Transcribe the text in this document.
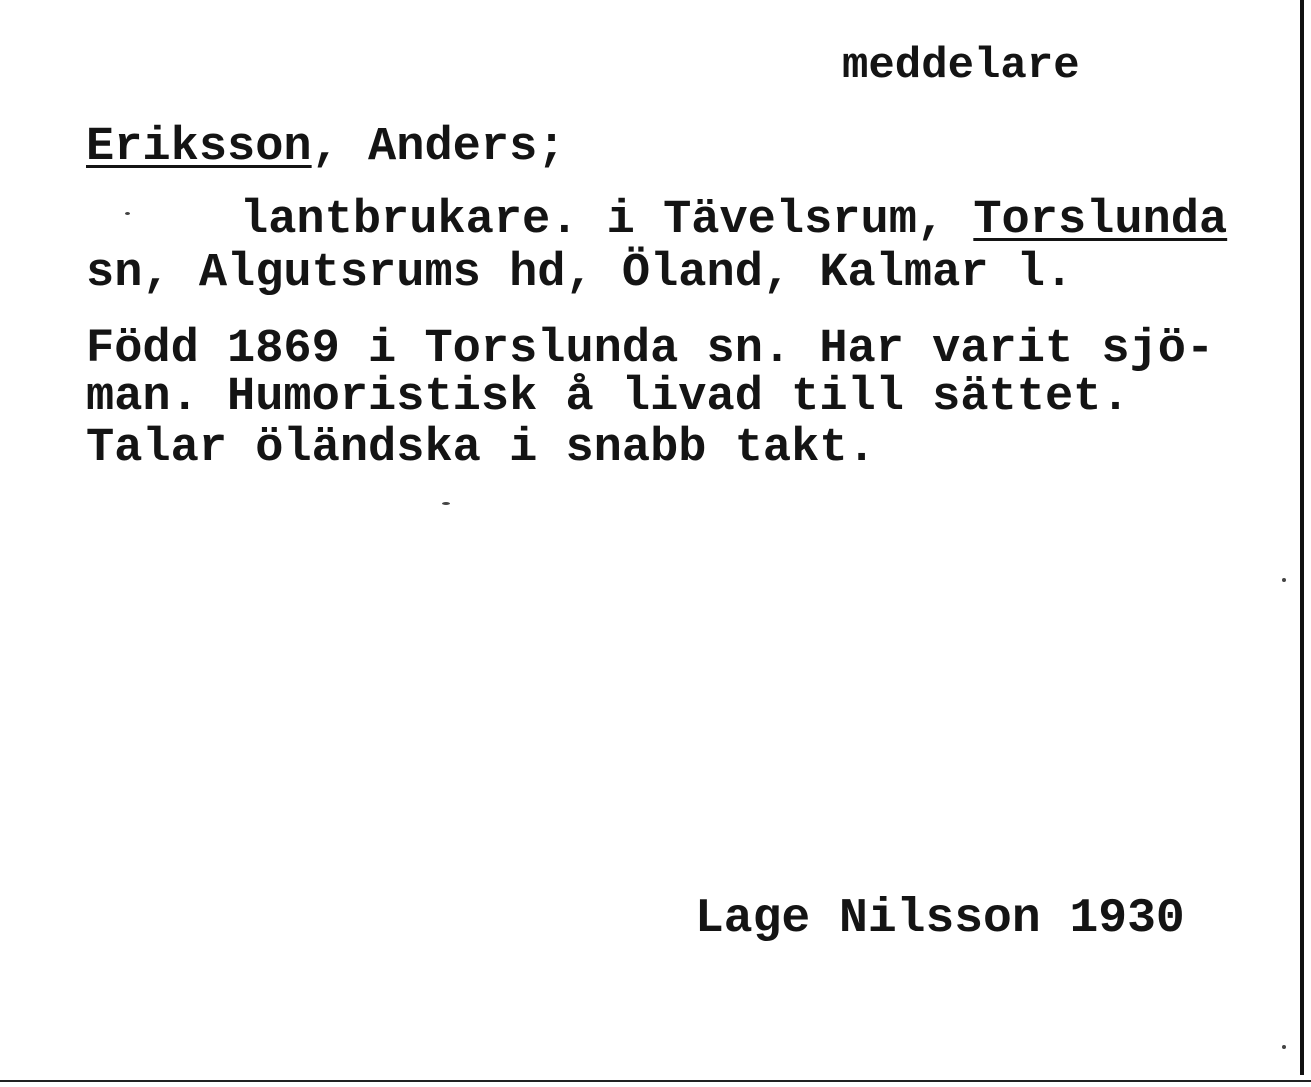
meddelare
Eriksson, Anders;
lantbrukare. i Tävelsrum, Torslunda
sn, Algutsrums hd, Öland, Kalmar l.
Född 1869 i Torslunda sn. Har varit sjö-
man. Humoristisk å livad till sättet.
Talar öländska i snabb takt.
Lage Nilsson 1930
